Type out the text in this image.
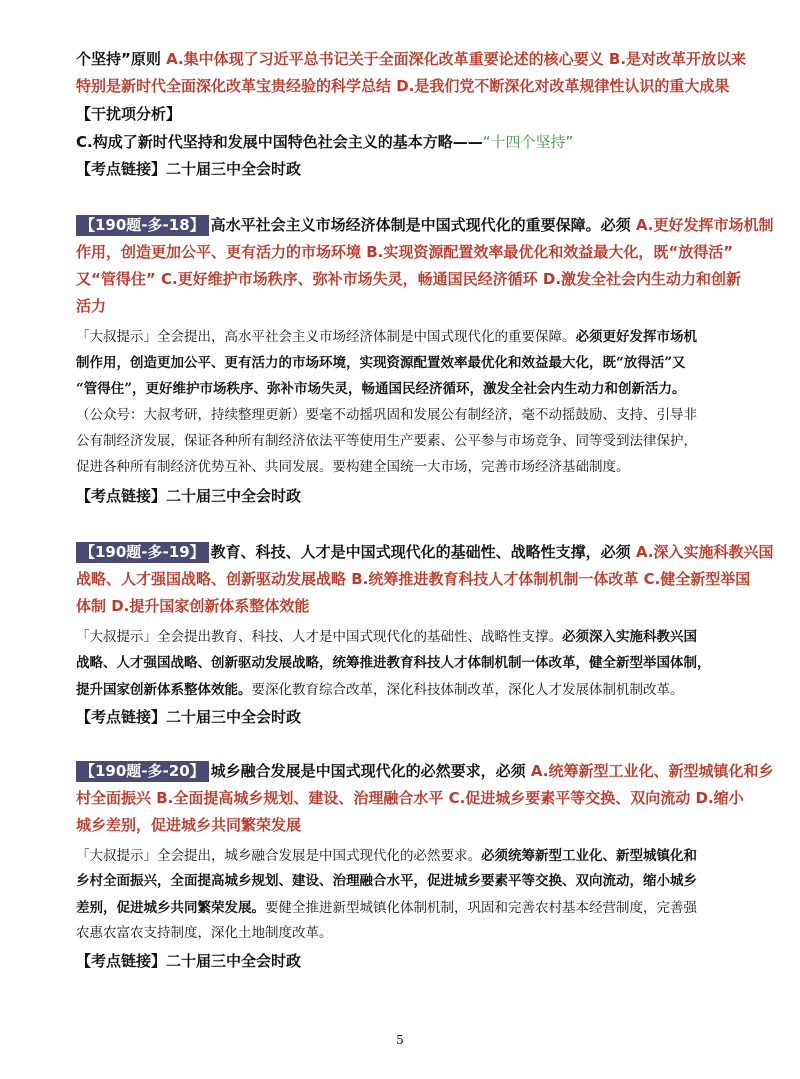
个坚持”原则 A.集中体现了习近平总书记关于全面深化改革重要论述的核心要义 B.是对改革开放以来
特别是新时代全面深化改革宝贵经验的科学总结 D.是我们党不断深化对改革规律性认识的重大成果
【干扰项分析】
C.构成了新时代坚持和发展中国特色社会主义的基本方略——“十四个坚持”
【考点链接】二十届三中全会时政
【190题-多-18】 高水平社会主义市场经济体制是中国式现代化的重要保障。必须 A.更好发挥市场机制
作用，创造更加公平、更有活力的市场环境 B.实现资源配置效率最优化和效益最大化，既“放得活”
又“管得住” C.更好维护市场秩序、弥补市场失灵，畅通国民经济循环 D.激发全社会内生动力和创新
活力
「大叔提示」全会提出，高水平社会主义市场经济体制是中国式现代化的重要保障。必须更好发挥市场机
制作用，创造更加公平、更有活力的市场环境，实现资源配置效率最优化和效益最大化，既“放得活”又
“管得住”，更好维护市场秩序、弥补市场失灵，畅通国民经济循环，激发全社会内生动力和创新活力。
（公众号：大叔考研，持续整理更新）要毫不动摇巩固和发展公有制经济，毫不动摇鼓励、支持、引导非
公有制经济发展，保证各种所有制经济依法平等使用生产要素、公平参与市场竞争、同等受到法律保护，
促进各种所有制经济优势互补、共同发展。要构建全国统一大市场，完善市场经济基础制度。
【考点链接】二十届三中全会时政
【190题-多-19】 教育、科技、人才是中国式现代化的基础性、战略性支撑，必须 A.深入实施科教兴国
战略、人才强国战略、创新驱动发展战略 B.统筹推进教育科技人才体制机制一体改革 C.健全新型举国
体制 D.提升国家创新体系整体效能
「大叔提示」全会提出教育、科技、人才是中国式现代化的基础性、战略性支撑。必须深入实施科教兴国
战略、人才强国战略、创新驱动发展战略，统筹推进教育科技人才体制机制一体改革，健全新型举国体制，
提升国家创新体系整体效能。要深化教育综合改革，深化科技体制改革，深化人才发展体制机制改革。
【考点链接】二十届三中全会时政
【190题-多-20】 城乡融合发展是中国式现代化的必然要求，必须 A.统筹新型工业化、新型城镇化和乡
村全面振兴 B.全面提高城乡规划、建设、治理融合水平 C.促进城乡要素平等交换、双向流动 D.缩小
城乡差别，促进城乡共同繁荣发展
「大叔提示」全会提出，城乡融合发展是中国式现代化的必然要求。必须统筹新型工业化、新型城镇化和
乡村全面振兴，全面提高城乡规划、建设、治理融合水平，促进城乡要素平等交换、双向流动，缩小城乡
差别，促进城乡共同繁荣发展。要健全推进新型城镇化体制机制，巩固和完善农村基本经营制度，完善强
农惠农富农支持制度，深化土地制度改革。
【考点链接】二十届三中全会时政
5
